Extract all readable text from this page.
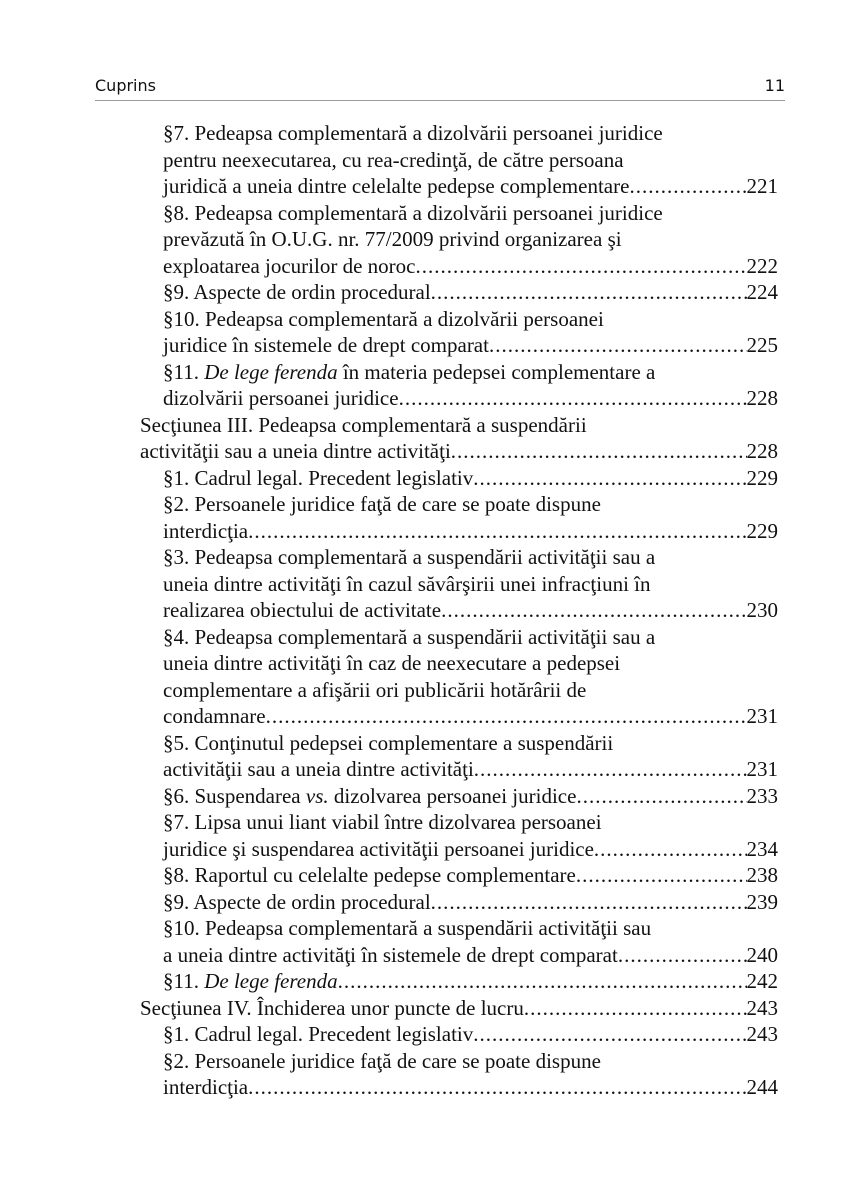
Cuprins	11
§7. Pedeapsa complementară a dizolvării persoanei juridice
pentru neexecutarea, cu rea-credinţă, de către persoana
juridică a uneia dintre celelalte pedepse complementare .....	221
§8. Pedeapsa complementară a dizolvării persoanei juridice
prevăzută în O.U.G. nr. 77/2009 privind organizarea şi
exploatarea jocurilor de noroc .....	222
§9. Aspecte de ordin procedural .....	224
§10. Pedeapsa complementară a dizolvării persoanei
juridice în sistemele de drept comparat .....	225
§11. De lege ferenda în materia pedepsei complementare a
dizolvării persoanei juridice .....	228
Secţiunea III. Pedeapsa complementară a suspendării
activităţii sau a uneia dintre activităţi .....	228
§1. Cadrul legal. Precedent legislativ .....	229
§2. Persoanele juridice faţă de care se poate dispune
interdicţia .....	229
§3. Pedeapsa complementară a suspendării activităţii sau a
uneia dintre activităţi în cazul săvârşirii unei infracţiuni în
realizarea obiectului de activitate .....	230
§4. Pedeapsa complementară a suspendării activităţii sau a
uneia dintre activităţi în caz de neexecutare a pedepsei
complementare a afişării ori publicării hotărârii de
condamnare .....	231
§5. Conţinutul pedepsei complementare a suspendării
activităţii sau a uneia dintre activităţi .....	231
§6. Suspendarea vs. dizolvarea persoanei juridice .....	233
§7. Lipsa unui liant viabil între dizolvarea persoanei
juridice şi suspendarea activităţii persoanei juridice .....	234
§8. Raportul cu celelalte pedepse complementare .....	238
§9. Aspecte de ordin procedural .....	239
§10. Pedeapsa complementară a suspendării activităţii sau
a uneia dintre activităţi în sistemele de drept comparat .....	240
§11. De lege ferenda .....	242
Secţiunea IV. Închiderea unor puncte de lucru .....	243
§1. Cadrul legal. Precedent legislativ .....	243
§2. Persoanele juridice faţă de care se poate dispune
interdicţia .....	244
